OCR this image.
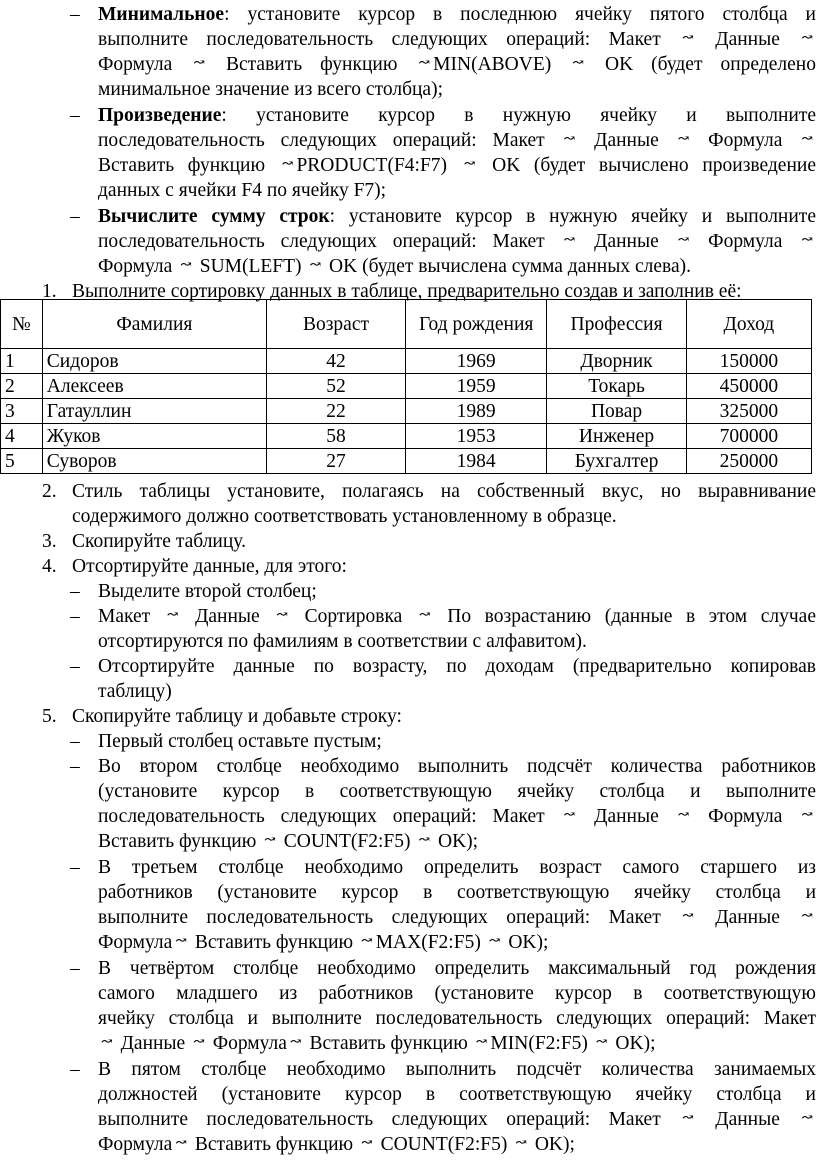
– Минимальное: установите курсор в последнюю ячейку пятого столбца и
выполните последовательность следующих операций: Макет ↝ Данные ↝
Формула ↝ Вставить функцию ↝ MIN(ABOVE) ↝ OK (будет определено
минимальное значение из всего столбца);
– Произведение: установите курсор в нужную ячейку и выполните
последовательность следующих операций: Макет ↝ Данные ↝ Формула ↝
Вставить функцию ↝ PRODUCT(F4:F7) ↝ OK (будет вычислено произведение
данных с ячейки F4 по ячейку F7);
– Вычислите сумму строк: установите курсор в нужную ячейку и выполните
последовательность следующих операций: Макет ↝ Данные ↝ Формула ↝
Формула ↝ SUM(LEFT) ↝ OK (будет вычислена сумма данных слева).
1. Выполните сортировку данных в таблице, предварительно создав и заполнив её:
№	Фамилия	Возраст	Год рождения	Профессия	Доход
1	Сидоров	42	1969	Дворник	150000
2	Алексеев	52	1959	Токарь	450000
3	Гатауллин	22	1989	Повар	325000
4	Жуков	58	1953	Инженер	700000
5	Суворов	27	1984	Бухгалтер	250000
2. Стиль таблицы установите, полагаясь на собственный вкус, но выравнивание
содержимого должно соответствовать установленному в образце.
3. Скопируйте таблицу.
4. Отсортируйте данные, для этого:
– Выделите второй столбец;
– Макет ↝ Данные ↝ Сортировка ↝ По возрастанию (данные в этом случае
отсортируются по фамилиям в соответствии с алфавитом).
– Отсортируйте данные по возрасту, по доходам (предварительно копировав
таблицу)
5. Скопируйте таблицу и добавьте строку:
– Первый столбец оставьте пустым;
– Во втором столбце необходимо выполнить подсчёт количества работников
(установите курсор в соответствующую ячейку столбца и выполните
последовательность следующих операций: Макет ↝ Данные ↝ Формула ↝
Вставить функцию ↝ COUNT(F2:F5) ↝ OK);
– В третьем столбце необходимо определить возраст самого старшего из
работников (установите курсор в соответствующую ячейку столбца и
выполните последовательность следующих операций: Макет ↝ Данные ↝
Формула ↝ Вставить функцию ↝ MAX(F2:F5) ↝ OK);
– В четвёртом столбце необходимо определить максимальный год рождения
самого младшего из работников (установите курсор в соответствующую
ячейку столбца и выполните последовательность следующих операций: Макет
↝ Данные ↝ Формула ↝ Вставить функцию ↝ MIN(F2:F5) ↝ OK);
– В пятом столбце необходимо выполнить подсчёт количества занимаемых
должностей (установите курсор в соответствующую ячейку столбца и
выполните последовательность следующих операций: Макет ↝ Данные ↝
Формула ↝ Вставить функцию ↝ COUNT(F2:F5) ↝ OK);
